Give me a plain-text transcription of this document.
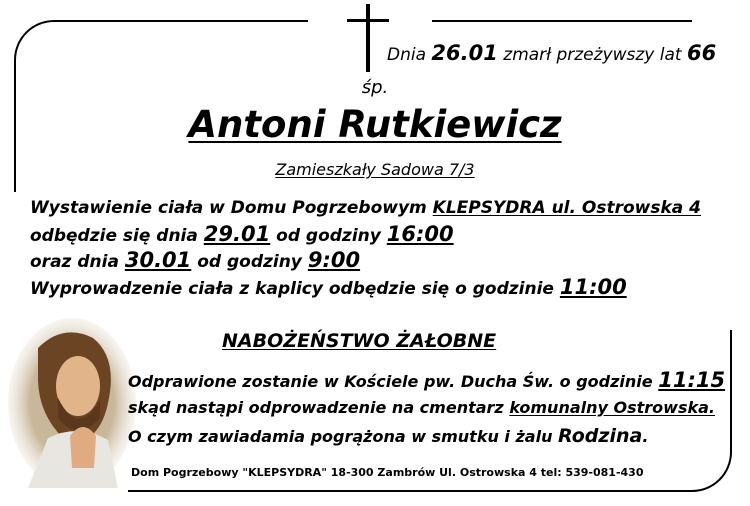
Dnia 26.01 zmarł przeżywszy lat 66
śp.
Antoni Rutkiewicz
Zamieszkały Sadowa 7/3
Wystawienie ciała w Domu Pogrzebowym KLEPSYDRA ul. Ostrowska 4
odbędzie się dnia 29.01 od godziny 16:00
oraz dnia 30.01 od godziny 9:00
Wyprowadzenie ciała z kaplicy odbędzie się o godzinie 11:00
NABOŻEŃSTWO ŻAŁOBNE
Odprawione zostanie w Kościele pw. Ducha Św. o godzinie 11:15
skąd nastąpi odprowadzenie na cmentarz komunalny Ostrowska.
O czym zawiadamia pogrążona w smutku i żalu Rodzina.
Dom Pogrzebowy "KLEPSYDRA" 18-300 Zambrów Ul. Ostrowska 4 tel: 539-081-430
